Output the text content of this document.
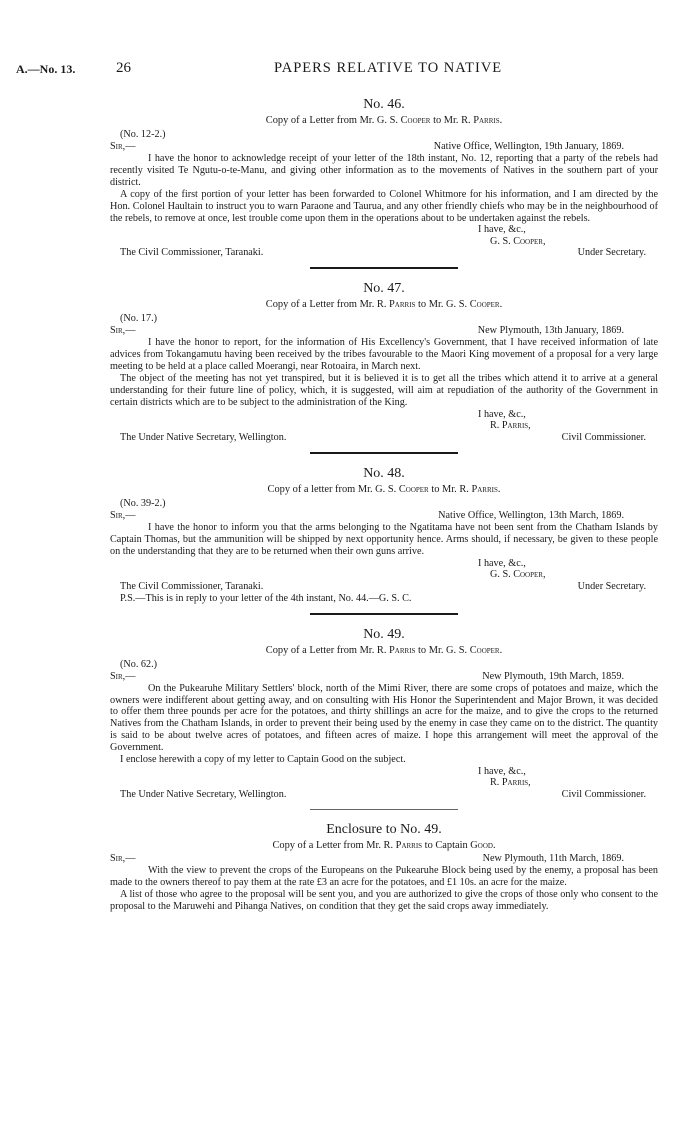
A.—No. 13.	26	PAPERS RELATIVE TO NATIVE
No. 46.
Copy of a Letter from Mr. G. S. Cooper to Mr. R. Parris.
(No. 12-2.)
Sir,—	Native Office, Wellington, 19th January, 1869.

I have the honor to acknowledge receipt of your letter of the 18th instant, No. 12, reporting that a party of the rebels had recently visited Te Ngutu-o-te-Manu, and giving other information as to the movements of Natives in the southern part of your district.

A copy of the first portion of your letter has been forwarded to Colonel Whitmore for his information, and I am directed by the Hon. Colonel Haultain to instruct you to warn Paraone and Taurua, and any other friendly chiefs who may be in the neighbourhood of the rebels, to remove at once, lest trouble come upon them in the operations about to be undertaken against the rebels.

I have, &c.,
G. S. Cooper,
The Civil Commissioner, Taranaki.	Under Secretary.
No. 47.
Copy of a Letter from Mr. R. Parris to Mr. G. S. Cooper.
(No. 17.)
Sir,—	New Plymouth, 13th January, 1869.

I have the honor to report, for the information of His Excellency's Government, that I have received information of late advices from Tokangamutu having been received by the tribes favourable to the Maori King movement of a proposal for a very large meeting to be held at a place called Moerangi, near Rotoaira, in March next.

The object of the meeting has not yet transpired, but it is believed it is to get all the tribes which attend it to arrive at a general understanding for their future line of policy, which, it is suggested, will aim at repudiation of the authority of the Government in certain districts which are to be subject to the administration of the King.

I have, &c.,
R. Parris,
The Under Native Secretary, Wellington.	Civil Commissioner.
No. 48.
Copy of a letter from Mr. G. S. Cooper to Mr. R. Parris.
(No. 39-2.)
Sir,—	Native Office, Wellington, 13th March, 1869.

I have the honor to inform you that the arms belonging to the Ngatitama have not been sent from the Chatham Islands by Captain Thomas, but the ammunition will be shipped by next opportunity hence. Arms should, if necessary, be given to these people on the understanding that they are to be returned when their own guns arrive.

I have, &c.,
G. S. Cooper,
The Civil Commissioner, Taranaki.	Under Secretary.
P.S.—This is in reply to your letter of the 4th instant, No. 44.—G. S. C.
No. 49.
Copy of a Letter from Mr. R. Parris to Mr. G. S. Cooper.
(No. 62.)
Sir,—	New Plymouth, 19th March, 1859.

On the Pukearuhe Military Settlers' block, north of the Mimi River, there are some crops of potatoes and maize, which the owners were indifferent about getting away, and on consulting with His Honor the Superintendent and Major Brown, it was decided to offer them three pounds per acre for the potatoes, and thirty shillings an acre for the maize, and to give the crops to the returned Natives from the Chatham Islands, in order to prevent their being used by the enemy in case they came on to the district. The quantity is said to be about twelve acres of potatoes, and fifteen acres of maize. I hope this arrangement will meet the approval of the Government.

I enclose herewith a copy of my letter to Captain Good on the subject.

I have, &c.,
R. Parris,
The Under Native Secretary, Wellington.	Civil Commissioner.
Enclosure to No. 49.
Copy of a Letter from Mr. R. Parris to Captain Good.
Sir,—	New Plymouth, 11th March, 1869.

With the view to prevent the crops of the Europeans on the Pukearuhe Block being used by the enemy, a proposal has been made to the owners thereof to pay them at the rate £3 an acre for the potatoes, and £1 10s. an acre for the maize.

A list of those who agree to the proposal will be sent you, and you are authorized to give the crops of those only who consent to the proposal to the Maruwehi and Pihanga Natives, on condition that they get the said crops away immediately.
